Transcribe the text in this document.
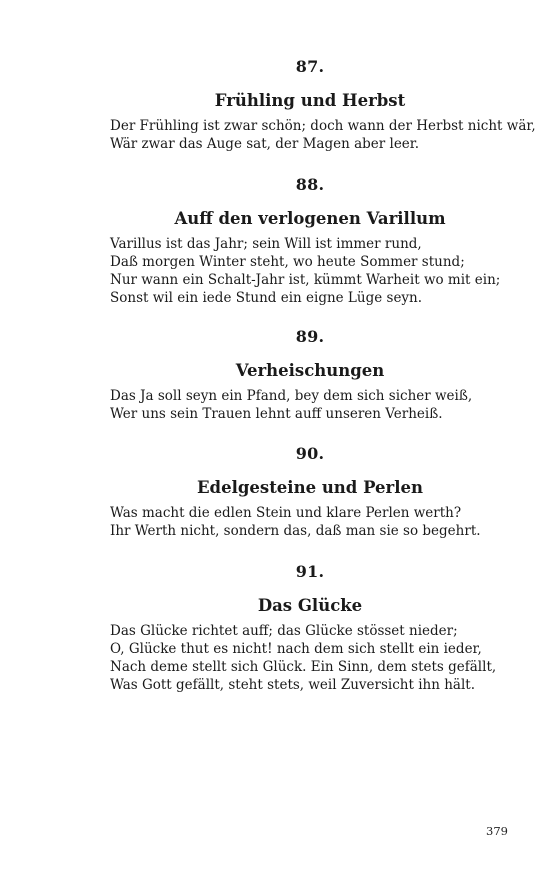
87.
Frühling und Herbst
Der Frühling ist zwar schön; doch wann der Herbst nicht wär,
Wär zwar das Auge sat, der Magen aber leer.
88.
Auff den verlogenen Varillum
Varillus ist das Jahr; sein Will ist immer rund,
Daß morgen Winter steht, wo heute Sommer stund;
Nur wann ein Schalt-Jahr ist, kümmt Warheit wo mit ein;
Sonst wil ein iede Stund ein eigne Lüge seyn.
89.
Verheischungen
Das Ja soll seyn ein Pfand, bey dem sich sicher weiß,
Wer uns sein Trauen lehnt auff unseren Verheiß.
90.
Edelgesteine und Perlen
Was macht die edlen Stein und klare Perlen werth?
Ihr Werth nicht, sondern das, daß man sie so begehrt.
91.
Das Glücke
Das Glücke richtet auff; das Glücke stösset nieder;
O, Glücke thut es nicht! nach dem sich stellt ein ieder,
Nach deme stellt sich Glück. Ein Sinn, dem stets gefällt,
Was Gott gefällt, steht stets, weil Zuversicht ihn hält.
379
